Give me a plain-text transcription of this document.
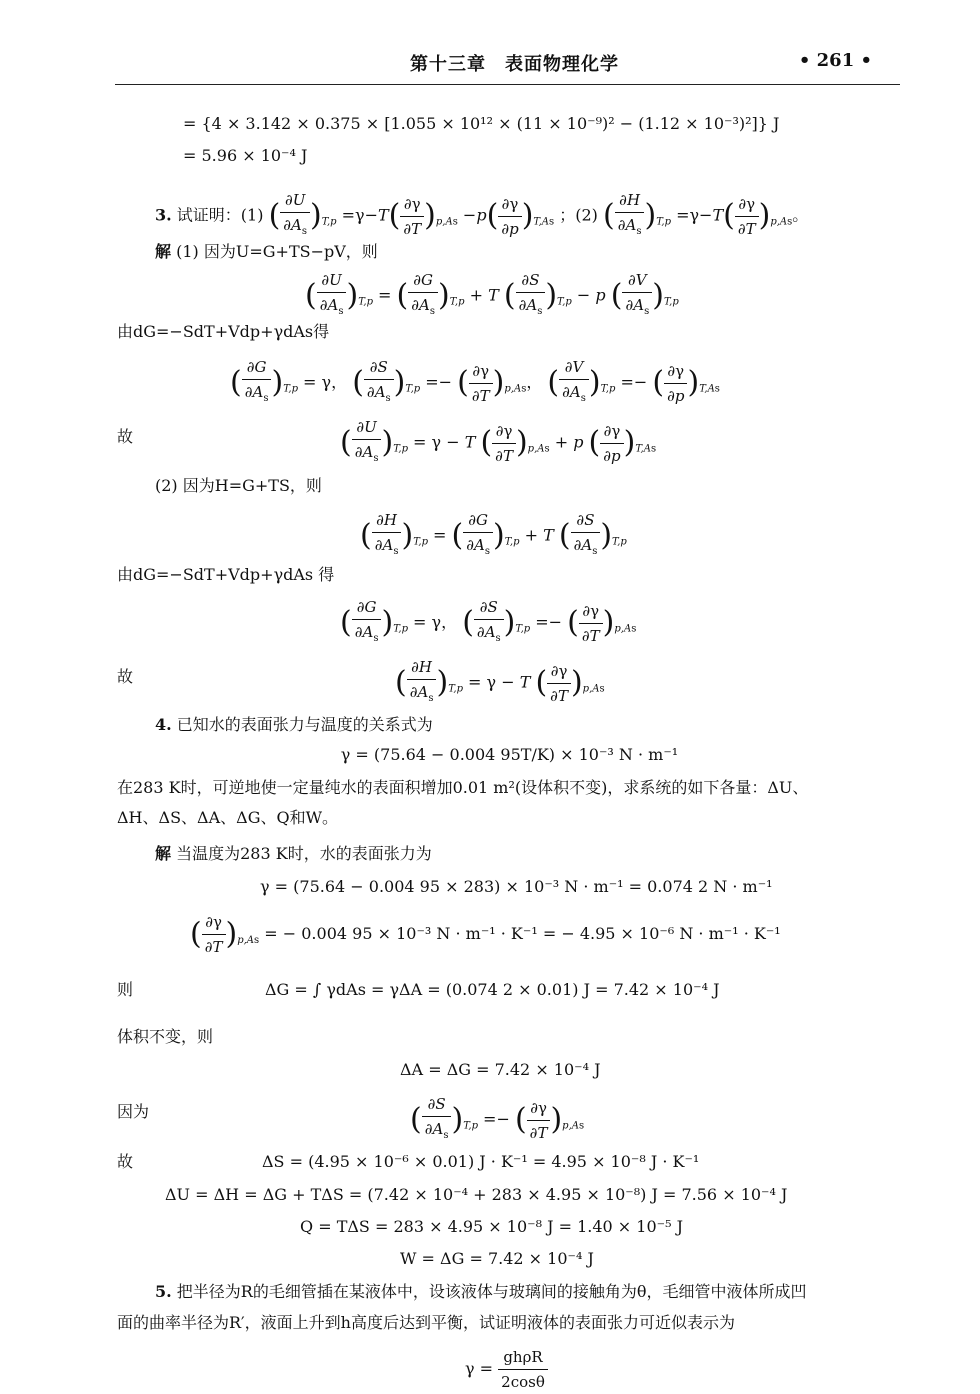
第十三章　表面物理化学	• 261 •
= {4 × 3.142 × 0.375 × [1.055 × 10¹² × (11 × 10⁻⁹)² − (1.12 × 10⁻³)²]} J
= 5.96 × 10⁻⁴ J
3. 试证明：(1) ( $\frac{\partial U}{\partial A_s} )_{T,p} =\gamma-T( \frac{\partial\gamma}{\partial T} )_{p,As} -p( \frac{\partial\gamma}{\partial p} )_{T,As}$ ；(2) ( $\frac{\partial H}{\partial A_s} )_{T,p} =\gamma-T( \frac{\partial\gamma}{\partial T} )_{p,As}$。
解 (1) 因为U=G+TS−pV，则
( $\frac{\partial U}{\partial A_s} )_{T,p}$ = ( $\frac{\partial G}{\partial A_s} )_{T,p} + T$ ( $\frac{\partial S}{\partial A_s} )_{T,p} - p$ ( $\frac{\partial V}{\partial A_s} )_{T,p}$
由dG=−SdT+Vdp+γdAs得
( $\frac{\partial G}{\partial A_s} )_{T,p} = \gamma$， ( $\frac{\partial S}{\partial A_s} )_{T,p}$ =− ( $\frac{\partial\gamma}{\partial T} )_{p,As}$， ( $\frac{\partial V}{\partial A_s} )_{T,p}$ =− ( $\frac{\partial\gamma}{\partial p} )_{T,As}$
故	( $\frac{\partial U}{\partial A_s} )_{T,p} = \gamma - T$ ( $\frac{\partial\gamma}{\partial T} )_{p,As} + p$ ( $\frac{\partial\gamma}{\partial p} )_{T,As}$
(2) 因为H=G+TS，则
( $\frac{\partial H}{\partial A_s} )_{T,p}$ = ( $\frac{\partial G}{\partial A_s} )_{T,p} + T$ ( $\frac{\partial S}{\partial A_s} )_{T,p}$
由dG=−SdT+Vdp+γdAs 得
( $\frac{\partial G}{\partial A_s} )_{T,p} = \gamma$， ( $\frac{\partial S}{\partial A_s} )_{T,p}$ =− ( $\frac{\partial\gamma}{\partial T} )_{p,As}$
故	( $\frac{\partial H}{\partial A_s} )_{T,p} = \gamma - T$ ( $\frac{\partial\gamma}{\partial T} )_{p,As}$
4. 已知水的表面张力与温度的关系式为
γ = (75.64 − 0.004 95T/K) × 10⁻³ N · m⁻¹
在283 K时，可逆地使一定量纯水的表面积增加0.01 m²(设体积不变)，求系统的如下各量：ΔU、
ΔH、ΔS、ΔA、ΔG、Q和W。
解 当温度为283 K时，水的表面张力为
γ = (75.64 − 0.004 95 × 283) × 10⁻³ N · m⁻¹ = 0.074 2 N · m⁻¹
( $\frac{\partial\gamma}{\partial T} )_{p,As}$ = − 0.004 95 × 10⁻³ N · m⁻¹ · K⁻¹ = − 4.95 × 10⁻⁶ N · m⁻¹ · K⁻¹
则	ΔG = ∫ γdAs = γΔA = (0.074 2 × 0.01) J = 7.42 × 10⁻⁴ J
体积不变，则
ΔA = ΔG = 7.42 × 10⁻⁴ J
因为	( $\frac{\partial S}{\partial A_s} )_{T,p}$ =− ( $\frac{\partial\gamma}{\partial T} )_{p,As}$
故	ΔS = (4.95 × 10⁻⁶ × 0.01) J · K⁻¹ = 4.95 × 10⁻⁸ J · K⁻¹
ΔU = ΔH = ΔG + TΔS = (7.42 × 10⁻⁴ + 283 × 4.95 × 10⁻⁸) J = 7.56 × 10⁻⁴ J
Q = TΔS = 283 × 4.95 × 10⁻⁸ J = 1.40 × 10⁻⁵ J
W = ΔG = 7.42 × 10⁻⁴ J
5. 把半径为R的毛细管插在某液体中，设该液体与玻璃间的接触角为θ，毛细管中液体所成凹
面的曲率半径为R′，液面上升到h高度后达到平衡，试证明液体的表面张力可近似表示为
$\gamma = \frac{\text{ghρR}}{2\cos\theta}$
